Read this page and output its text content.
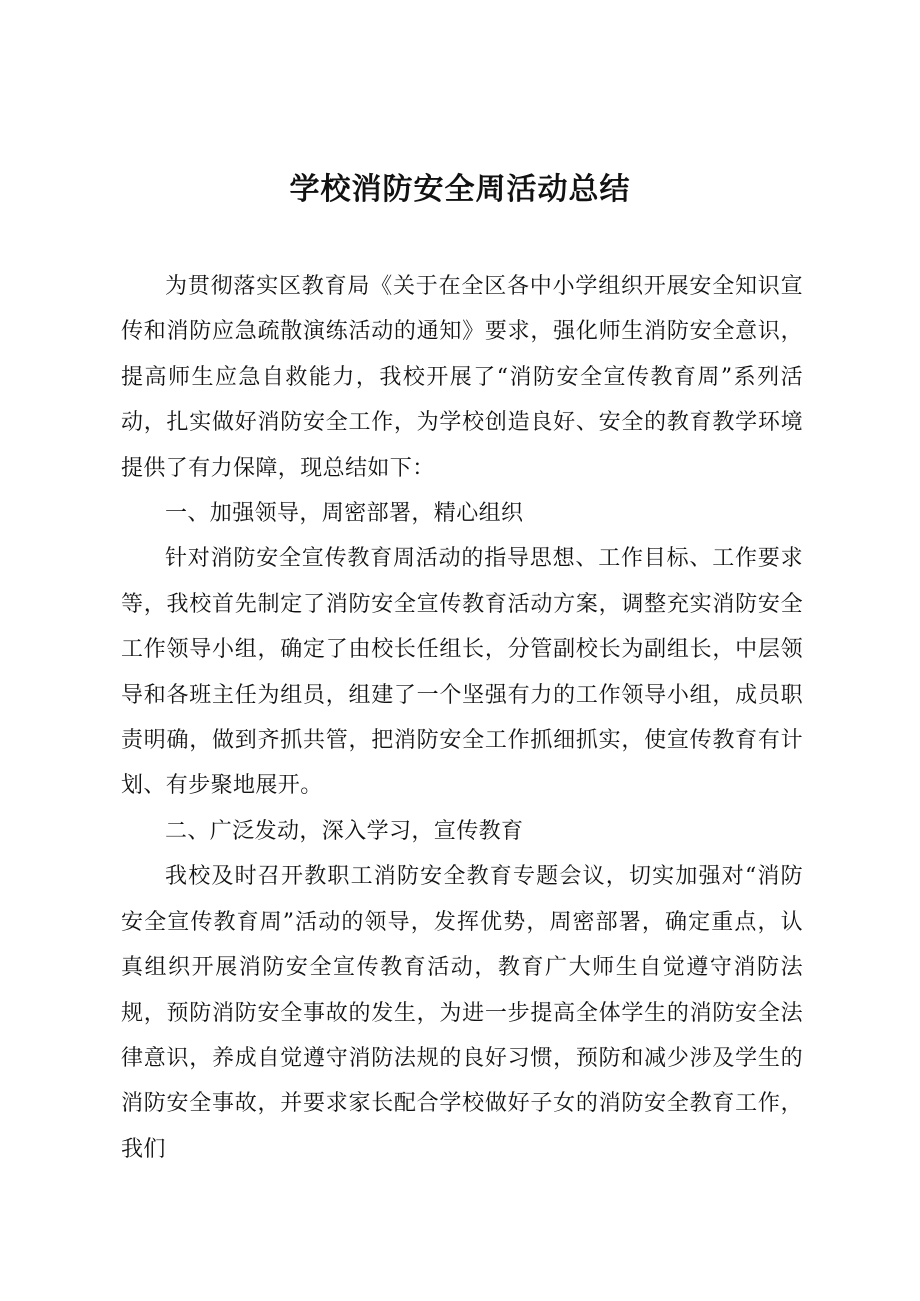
学校消防安全周活动总结

为贯彻落实区教育局《关于在全区各中小学组织开展安全知识宣传和消防应急疏散演练活动的通知》要求，强化师生消防安全意识，提高师生应急自救能力，我校开展了“消防安全宣传教育周”系列活动，扎实做好消防安全工作，为学校创造良好、安全的教育教学环境提供了有力保障，现总结如下：

一、加强领导，周密部署，精心组织

针对消防安全宣传教育周活动的指导思想、工作目标、工作要求等，我校首先制定了消防安全宣传教育活动方案，调整充实消防安全工作领导小组，确定了由校长任组长，分管副校长为副组长，中层领导和各班主任为组员，组建了一个坚强有力的工作领导小组，成员职责明确，做到齐抓共管，把消防安全工作抓细抓实，使宣传教育有计划、有步聚地展开。

二、广泛发动，深入学习，宣传教育

我校及时召开教职工消防安全教育专题会议，切实加强对“消防安全宣传教育周”活动的领导，发挥优势，周密部署，确定重点，认真组织开展消防安全宣传教育活动，教育广大师生自觉遵守消防法规，预防消防安全事故的发生，为进一步提高全体学生的消防安全法律意识，养成自觉遵守消防法规的良好习惯，预防和减少涉及学生的消防安全事故，并要求家长配合学校做好子女的消防安全教育工作，我们
